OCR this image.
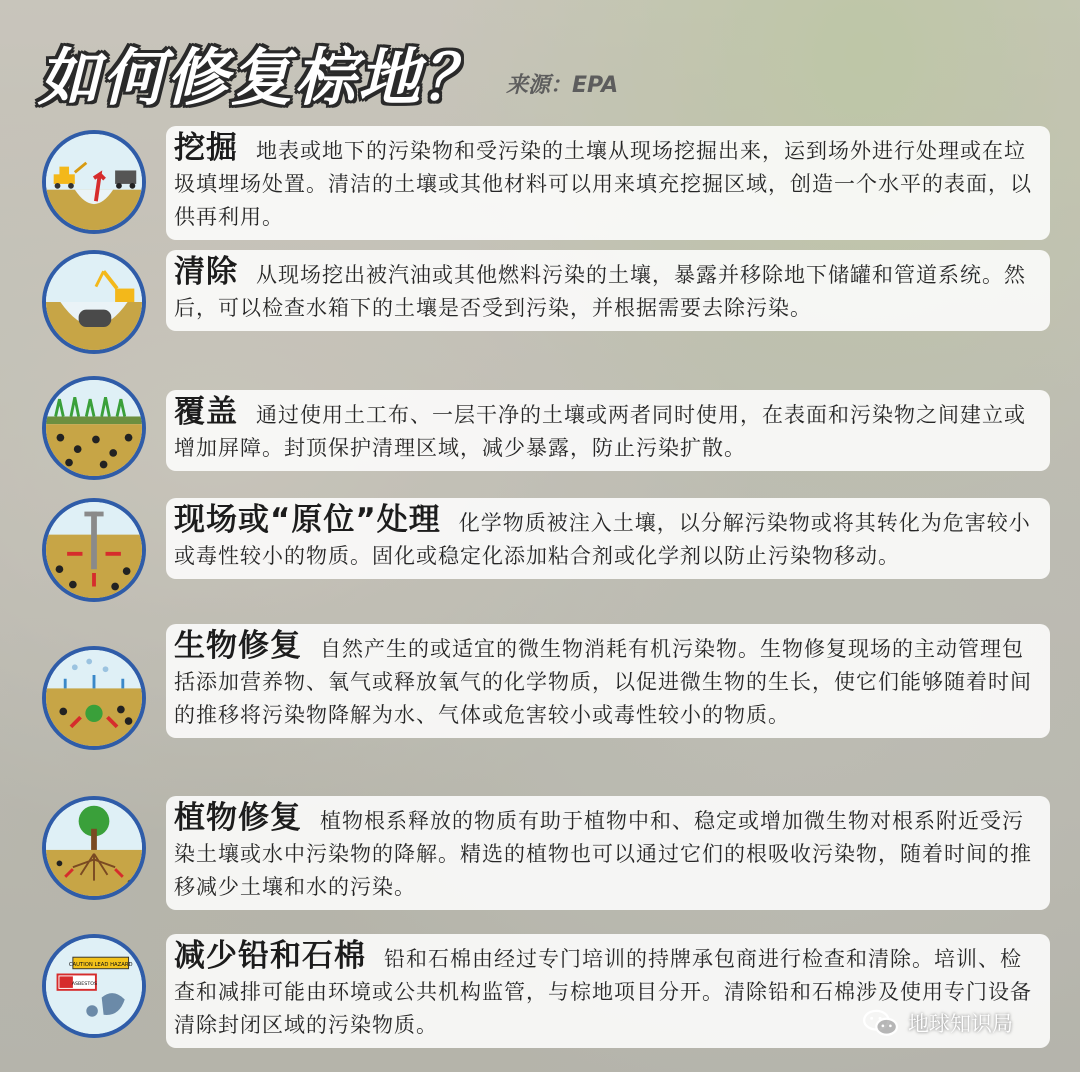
如何修复棕地？ 来源：EPA
挖掘 地表或地下的污染物和受污染的土壤从现场挖掘出来，运到场外进行处理或在垃圾填埋场处置。清洁的土壤或其他材料可以用来填充挖掘区域，创造一个水平的表面，以供再利用。
清除 从现场挖出被汽油或其他燃料污染的土壤，暴露并移除地下储罐和管道系统。然后，可以检查水箱下的土壤是否受到污染，并根据需要去除污染。
覆盖 通过使用土工布、一层干净的土壤或两者同时使用，在表面和污染物之间建立或增加屏障。封顶保护清理区域，减少暴露，防止污染扩散。
现场或“原位”处理 化学物质被注入土壤，以分解污染物或将其转化为危害较小或毒性较小的物质。固化或稳定化添加粘合剂或化学剂以防止污染物移动。
生物修复 自然产生的或适宜的微生物消耗有机污染物。生物修复现场的主动管理包括添加营养物、氧气或释放氧气的化学物质，以促进微生物的生长，使它们能够随着时间的推移将污染物降解为水、气体或危害较小或毒性较小的物质。
植物修复 植物根系释放的物质有助于植物中和、稳定或增加微生物对根系附近受污染土壤或水中污染物的降解。精选的植物也可以通过它们的根吸收污染物，随着时间的推移减少土壤和水的污染。
CAUTION LEAD HAZARD
ASBESTOS
减少铅和石棉 铅和石棉由经过专门培训的持牌承包商进行检查和清除。培训、检查和减排可能由环境或公共机构监管，与棕地项目分开。清除铅和石棉涉及使用专门设备清除封闭区域的污染物质。	地球知识局
